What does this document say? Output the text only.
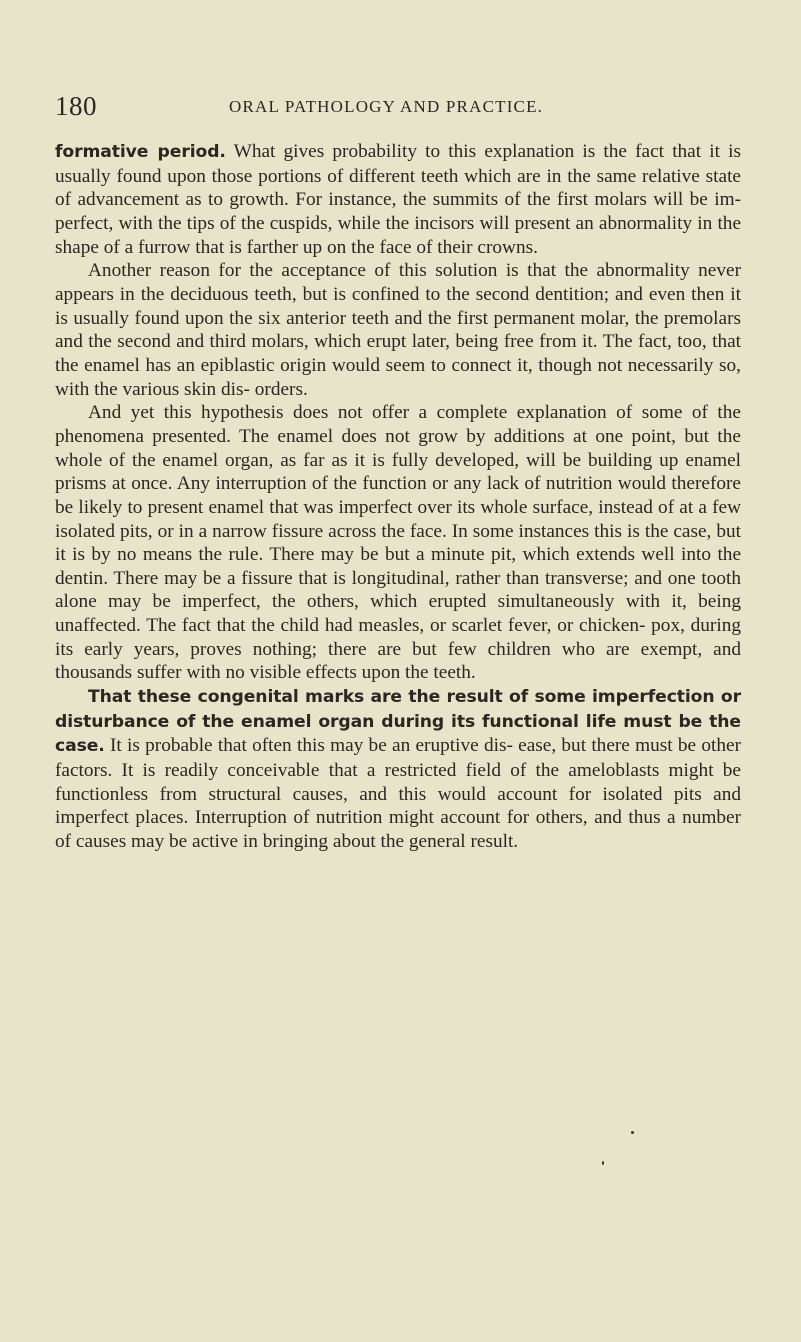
180	ORAL PATHOLOGY AND PRACTICE.

formative period. What gives probability to this explanation is the fact that it is usually found upon those portions of different teeth which are in the same relative state of advancement as to growth. For instance, the summits of the first molars will be im- perfect, with the tips of the cuspids, while the incisors will present an abnormality in the shape of a furrow that is farther up on the face of their crowns.

Another reason for the acceptance of this solution is that the abnormality never appears in the deciduous teeth, but is confined to the second dentition; and even then it is usually found upon the six anterior teeth and the first permanent molar, the premolars and the second and third molars, which erupt later, being free from it. The fact, too, that the enamel has an epiblastic origin would seem to connect it, though not necessarily so, with the various skin dis- orders.

And yet this hypothesis does not offer a complete explanation of some of the phenomena presented. The enamel does not grow by additions at one point, but the whole of the enamel organ, as far as it is fully developed, will be building up enamel prisms at once. Any interruption of the function or any lack of nutrition would therefore be likely to present enamel that was imperfect over its whole surface, instead of at a few isolated pits, or in a narrow fissure across the face. In some instances this is the case, but it is by no means the rule. There may be but a minute pit, which extends well into the dentin. There may be a fissure that is longitudinal, rather than transverse; and one tooth alone may be imperfect, the others, which erupted simultaneously with it, being unaffected. The fact that the child had measles, or scarlet fever, or chicken- pox, during its early years, proves nothing; there are but few children who are exempt, and thousands suffer with no visible effects upon the teeth.

That these congenital marks are the result of some imperfection or disturbance of the enamel organ during its functional life must be the case. It is probable that often this may be an eruptive dis- ease, but there must be other factors. It is readily conceivable that a restricted field of the ameloblasts might be functionless from structural causes, and this would account for isolated pits and imperfect places. Interruption of nutrition might account for others, and thus a number of causes may be active in bringing about the general result.
